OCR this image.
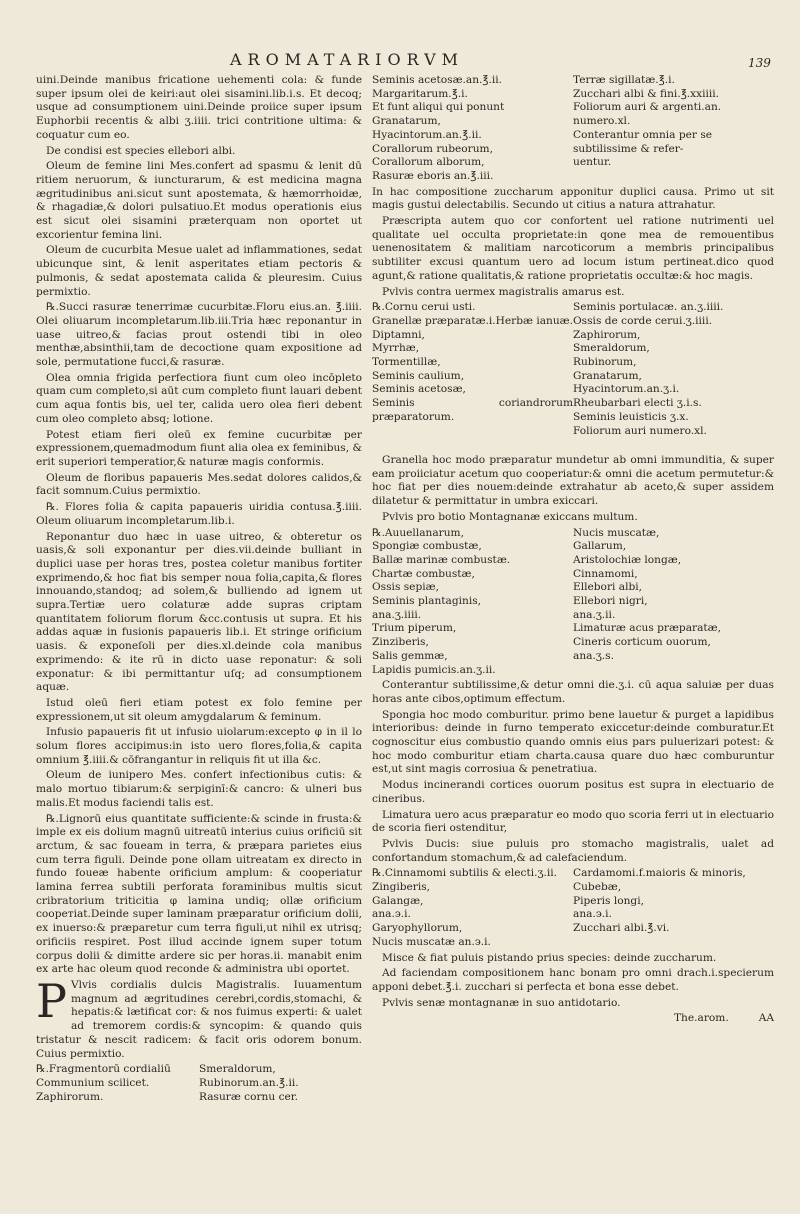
AROMATARIORVM	139

uini.Deinde manibus fricatione uehementi cola: & funde super ipsum olei de keiri:aut olei sisamini.lib.i.s. Et decoq; usque ad consumptionem uini.Deinde proiice super ipsum Euphorbii recentis & albi ʒ.iiii. trici contritione ultima: & coquatur cum eo.

De condisi est species ellebori albi.

Oleum de femine lini Mes.confert ad spasmu & lenit dū ritiem neruorum, & iuncturarum, & est medicina magna ægritudinibus ani.sicut sunt apostemata, & hæmorrhoidæ, & rhagadiæ,& dolori pulsatiuo.Et modus operationis eius est sicut olei sisamini præterquam non oportet ut excorientur femina lini.

Oleum de cucurbita Mesue ualet ad inflammationes, sedat ubicunque sint, & lenit asperitates etiam pectoris & pulmonis, & sedat apostemata calida & pleuresim. Cuius permixtio.

℞.Succi rasuræ tenerrimæ cucurbitæ.Floru eius.an. ℥.iiii. Olei oliuarum incompletarum.lib.iii.Tria hæc reponantur in uase uitreo,& facias prout ostendi tibi in oleo menthæ,absinthii,tam de decoctione quam expositione ad sole, permutatione fucci,& rasuræ.

Olea omnia frigida perfectiora fiunt cum oleo incōpleto quam cum completo,si aūt cum completo fiunt lauari debent cum aqua fontis bis, uel ter, calida uero olea fieri debent cum oleo completo absq; lotione.

Potest etiam fieri oleū ex femine cucurbitæ per expressionem,quemadmodum fiunt alia olea ex feminibus, & erit superiori temperatior,& naturæ magis conformis.

Oleum de floribus papaueris Mes.sedat dolores calidos,& facit somnum.Cuius permixtio.

℞. Flores folia & capita papaueris uiridia contusa.℥.iiii. Oleum oliuarum incompletarum.lib.i.

Reponantur duo hæc in uase uitreo, & obteretur os uasis,& soli exponantur per dies.vii.deinde bulliant in duplici uase per horas tres, postea coletur manibus fortiter exprimendo,& hoc fiat bis semper noua folia,capita,& flores innouando,standoq; ad solem,& bulliendo ad ignem ut supra.Tertiæ uero colaturæ adde supras criptam quantitatem foliorum florum &cc.contusis ut supra. Et his addas aquæ in fusionis papaueris lib.i. Et stringe orificium uasis. & exponeſoli per dies.xl.deinde cola manibus exprimendo: & ite rū in dicto uase reponatur: & soli exponatur: & ibi permittantur uſq; ad consumptionem aquæ.

Istud oleū fieri etiam potest ex folo femine per expressionem,ut sit oleum amygdalarum & feminum.

Infusio papaueris fit ut infusio uiolarum:excepto φ in il lo solum flores accipimus:in isto uero flores,folia,& capita omnium ℥.iiii.& cōfrangantur in reliquis fit ut illa &c.

Oleum de iunipero Mes. confert infectionibus cutis: & malo mortuo tibiarum:& serpiginī:& cancro: & ulneri bus malis.Et modus faciendi talis est.

℞.Lignorū eius quantitate sufficiente:& scinde in frusta:& imple ex eis dolium magnū uitreatū interius cuius orificiū sit arctum, & sac foueam in terra, & præpara parietes eius cum terra figuli. Deinde pone ollam uitreatam ex directo in fundo foueæ habente orificium amplum: & cooperiatur lamina ferrea subtili perforata foraminibus multis sicut cribratorium triticitia φ lamina undiq; ollæ orificium coopeтiat.Deinde super laminam præparatur orificium dolii, ex inuerso:& præparetur cum terra figuli,ut nihil ex utrisq; orificiis respiret. Post illud accinde ignem super totum corpus dolii & dimitte ardere sic per horas.ii. manabit enim ex arte hac oleum quod reconde & administra ubi oportet.

P Vlvis cordialis dulcis Magistralis. Iuuamentum magnum ad ægritudines cerebri,cordis,stomachi, & hepatis:& lætificat cor: & nos fuimus experti: & ualet ad tremorem cordis:& syncopim: & quando quis tristatur & nescit radicem: & facit oris odorem bonum. Cuius permixtio.

℞.Fragmentorū cordialiū
Communium scilicet.
Zaphirorum.
Smeraldorum,
Rubinorum.an.℥.ii.
Rasuræ cornu cer.
Seminis acetosæ.an.℥.ii.
Margaritarum.℥.i.
Et funt aliqui qui ponunt
Granatarum,
Hyacintorum.an.℥.ii.
Corallorum rubeorum,
Corallorum alborum,
Rasuræ eboris an.℥.iii.
Terræ sigillatæ.℥.i.
Zucchari albi & fini.℥.xxiiii.
Foliorum auri & argenti.an.
numero.xl.
Conterantur omnia per se
subtilissime & refer-
uentur.

In hac compositione zuccharum apponitur duplici causa. Primo ut sit magis gustui delectabilis. Secundo ut citius a natura attrahatur.

Præscripta autem quo cor confortent uel ratione nutrimenti uel qualitate uel occulta proprietate:in qone mea de remouentibus uenenositatem & malitiam narcoticorum a membris principalibus subtiliter excusi quantum uero ad locum istum pertineat.dico quod agunt,& ratione qualitatis,& ratione proprietatis occultæ:& hoc magis.

Pvlvis contra uermex magistralis amarus est.

℞.Cornu cerui usti.
Granellæ præparatæ.i.Herbæ ianuæ.
Diptamni,
Myrrhæ,
Tormentillæ,
Seminis caulium,
Seminis acetosæ,
Seminis coriandrorum præparatorum.

Seminis portulacæ. an.ʒ.iiii.
Ossis de corde cerui.ʒ.iiii.
Zaphirorum,
Smeraldorum,
Rubinorum,
Granatarum,
Hyacintorum.an.ʒ.i.
Rheubarbari electi ʒ.i.s.
Seminis leuisticis ʒ.x.
Foliorum auri numero.xl.

Granella hoc modo præparatur mundetur ab omni immunditia, & super eam proiiciatur acetum quo cooperiatur:& omni die acetum permutetur:& hoc fiat per dies nouem:deinde extrahatur ab aceto,& super assidem dilatetur & permittatur in umbra exiccari.

Pvlvis pro botio Montagnanæ exiccans multum.

℞.Auuellanarum,
Spongiæ combustæ,
Ballæ marinæ combustæ.
Chartæ combustæ,
Ossis sepiæ,
Seminis plantaginis,
ana.ʒ.iiii.
Trium piperum,
Zinziberis,
Salis gemmæ,
Lapidis pumicis.an.ʒ.ii.
Nucis muscatæ,
Gallarum,
Aristolochiæ longæ,
Cinnamomi,
Ellebori albi,
Ellebori nigri,
ana.ʒ.ii.
Limaturæ acus præparatæ,
Cineris corticum ouorum,
ana.ʒ.s.

Conterantur subtilissime,& detur omni die.ʒ.i. cū aqua saluiæ per duas horas ante cibos,optimum effectum.

Spongia hoc modo comburitur. primo bene lauetur & purget a lapidibus interioribus: deinde in furno temperato exiccetur:deinde comburatur.Et cognoscitur eius combustio quando omnis eius pars puluerizari potest: & hoc modo comburitur etiam charta.causa quare duo hæc comburuntur est,ut sint magis corrosiua & penetratiua.

Modus incinerandi cortices ouorum positus est supra in electuario de cineribus.

Limatura uero acus præparatur eo modo quo scoria ferri ut in electuario de scoria fieri ostenditur,

Pvlvis Ducis: siue puluis pro stomacho magistralis, ualet ad confortandum stomachum,& ad calefaciendum.

℞.Cinnamomi subtilis & electi.ʒ.ii.
Zingiberis,
Galangæ,
ana.϶.i.
Garyophyllorum,
Nucis muscatæ an.϶.i.
Cardamomi.f.maioris & minoris,
Cubebæ,
Piperis longi,
ana.϶.i.
Zucchari albi.℥.vi.

Misce & fiat puluis pistando prius species: deinde zuccharum.

Ad faciendam compositionem hanc bonam pro omni drach.i.specierum apponi debet.℥.i. zucchari si perfecta et bona esse debet.

Pvlvis senæ montagnanæ in suo antidotario.

The.arom.	AA
